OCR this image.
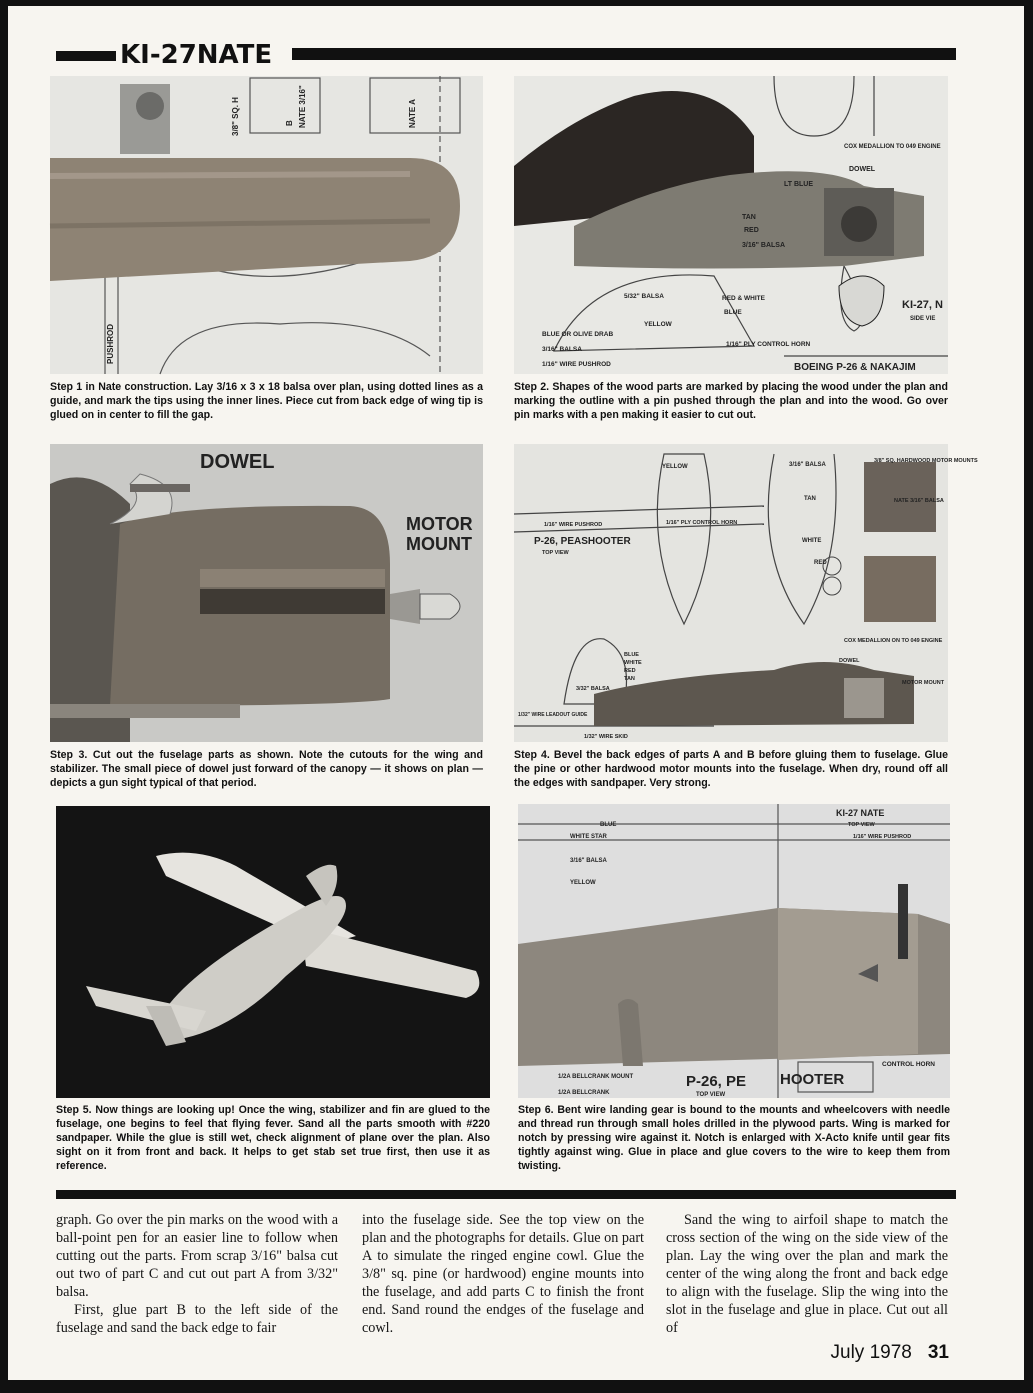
KI-27NATE
B	NATE A
NATE 3/16"
3/8" SQ. H
PUSHROD
Step 1 in Nate construction. Lay 3/16 x 3 x 18 balsa over plan, using dotted lines as a guide, and mark the tips using the inner lines. Piece cut from back edge of wing tip is glued on in center to fill the gap.
LT BLUE
DOWEL
TAN
RED
3/16" BALSA
RED & WHITE
BLUE
YELLOW
5/32" BALSA
BLUE OR OLIVE DRAB
3/16" BALSA
1/16" WIRE PUSHROD
1/16" PLY CONTROL HORN
COX MEDALLION TO 049 ENGINE
KI-27, N
SIDE VIE
BOEING P-26 & NAKAJIM
Step 2. Shapes of the wood parts are marked by placing the wood under the plan and marking the outline with a pin pushed through the plan and into the wood. Go over pin marks with a pen making it easier to cut out.
DOWEL
MOTOR
MOUNT
Step 3. Cut out the fuselage parts as shown. Note the cutouts for the wing and stabilizer. The small piece of dowel just forward of the canopy — it shows on plan — depicts a gun sight typical of that period.
P-26, PEASHOOTER
TOP VIEW
YELLOW	3/16" BALSA
TAN
WHITE
RED
3/8" SQ. HARDWOOD MOTOR MOUNTS
NATE 3/16" BALSA
COX MEDALLION ON TO 049 ENGINE
DOWEL
MOTOR MOUNT
1/16" WIRE PUSHROD	1/16" PLY CONTROL HORN
BLUE
WHITE
RED
TAN
3/32" BALSA
1/32" WIRE LEADOUT GUIDE
1/32" WIRE SKID
Step 4. Bevel the back edges of parts A and B before gluing them to fuselage. Glue the pine or other hardwood motor mounts into the fuselage. When dry, round off all the edges with sandpaper. Very strong.
Step 5. Now things are looking up! Once the wing, stabilizer and fin are glued to the fuselage, one begins to feel that flying fever. Sand all the parts smooth with #220 sandpaper. While the glue is still wet, check alignment of plane over the plan. Also sight on it from front and back. It helps to get stab set true first, then use it as reference.
KI-27 NATE
TOP VIEW
BLUE
WHITE STAR
3/16" BALSA
YELLOW
1/16" WIRE PUSHROD
1/2A BELLCRANK MOUNT
1/2A BELLCRANK
P-26, PE
TOP VIEW
HOOTER
CONTROL HORN
Step 6. Bent wire landing gear is bound to the mounts and wheelcovers with needle and thread run through small holes drilled in the plywood parts. Wing is marked for notch by pressing wire against it. Notch is enlarged with X-Acto knife until gear fits tightly against wing. Glue in place and glue covers to the wire to keep them from twisting.

graph. Go over the pin marks on the wood with a ball-point pen for an easier line to follow when cutting out the parts. From scrap 3/16" balsa cut out two of part C and cut out part A from 3/32" balsa.

First, glue part B to the left side of the fuselage and sand the back edge to fair

into the fuselage side. See the top view on the plan and the photographs for details. Glue on part A to simulate the ringed engine cowl. Glue the 3/8" sq. pine (or hardwood) engine mounts into the fuselage, and add parts C to finish the front end. Sand round the endges of the fuselage and cowl.

Sand the wing to airfoil shape to match the cross section of the wing on the side view of the plan. Lay the wing over the plan and mark the center of the wing along the front and back edge to align with the fuselage. Slip the wing into the slot in the fuselage and glue in place. Cut out all of

July 1978 31
